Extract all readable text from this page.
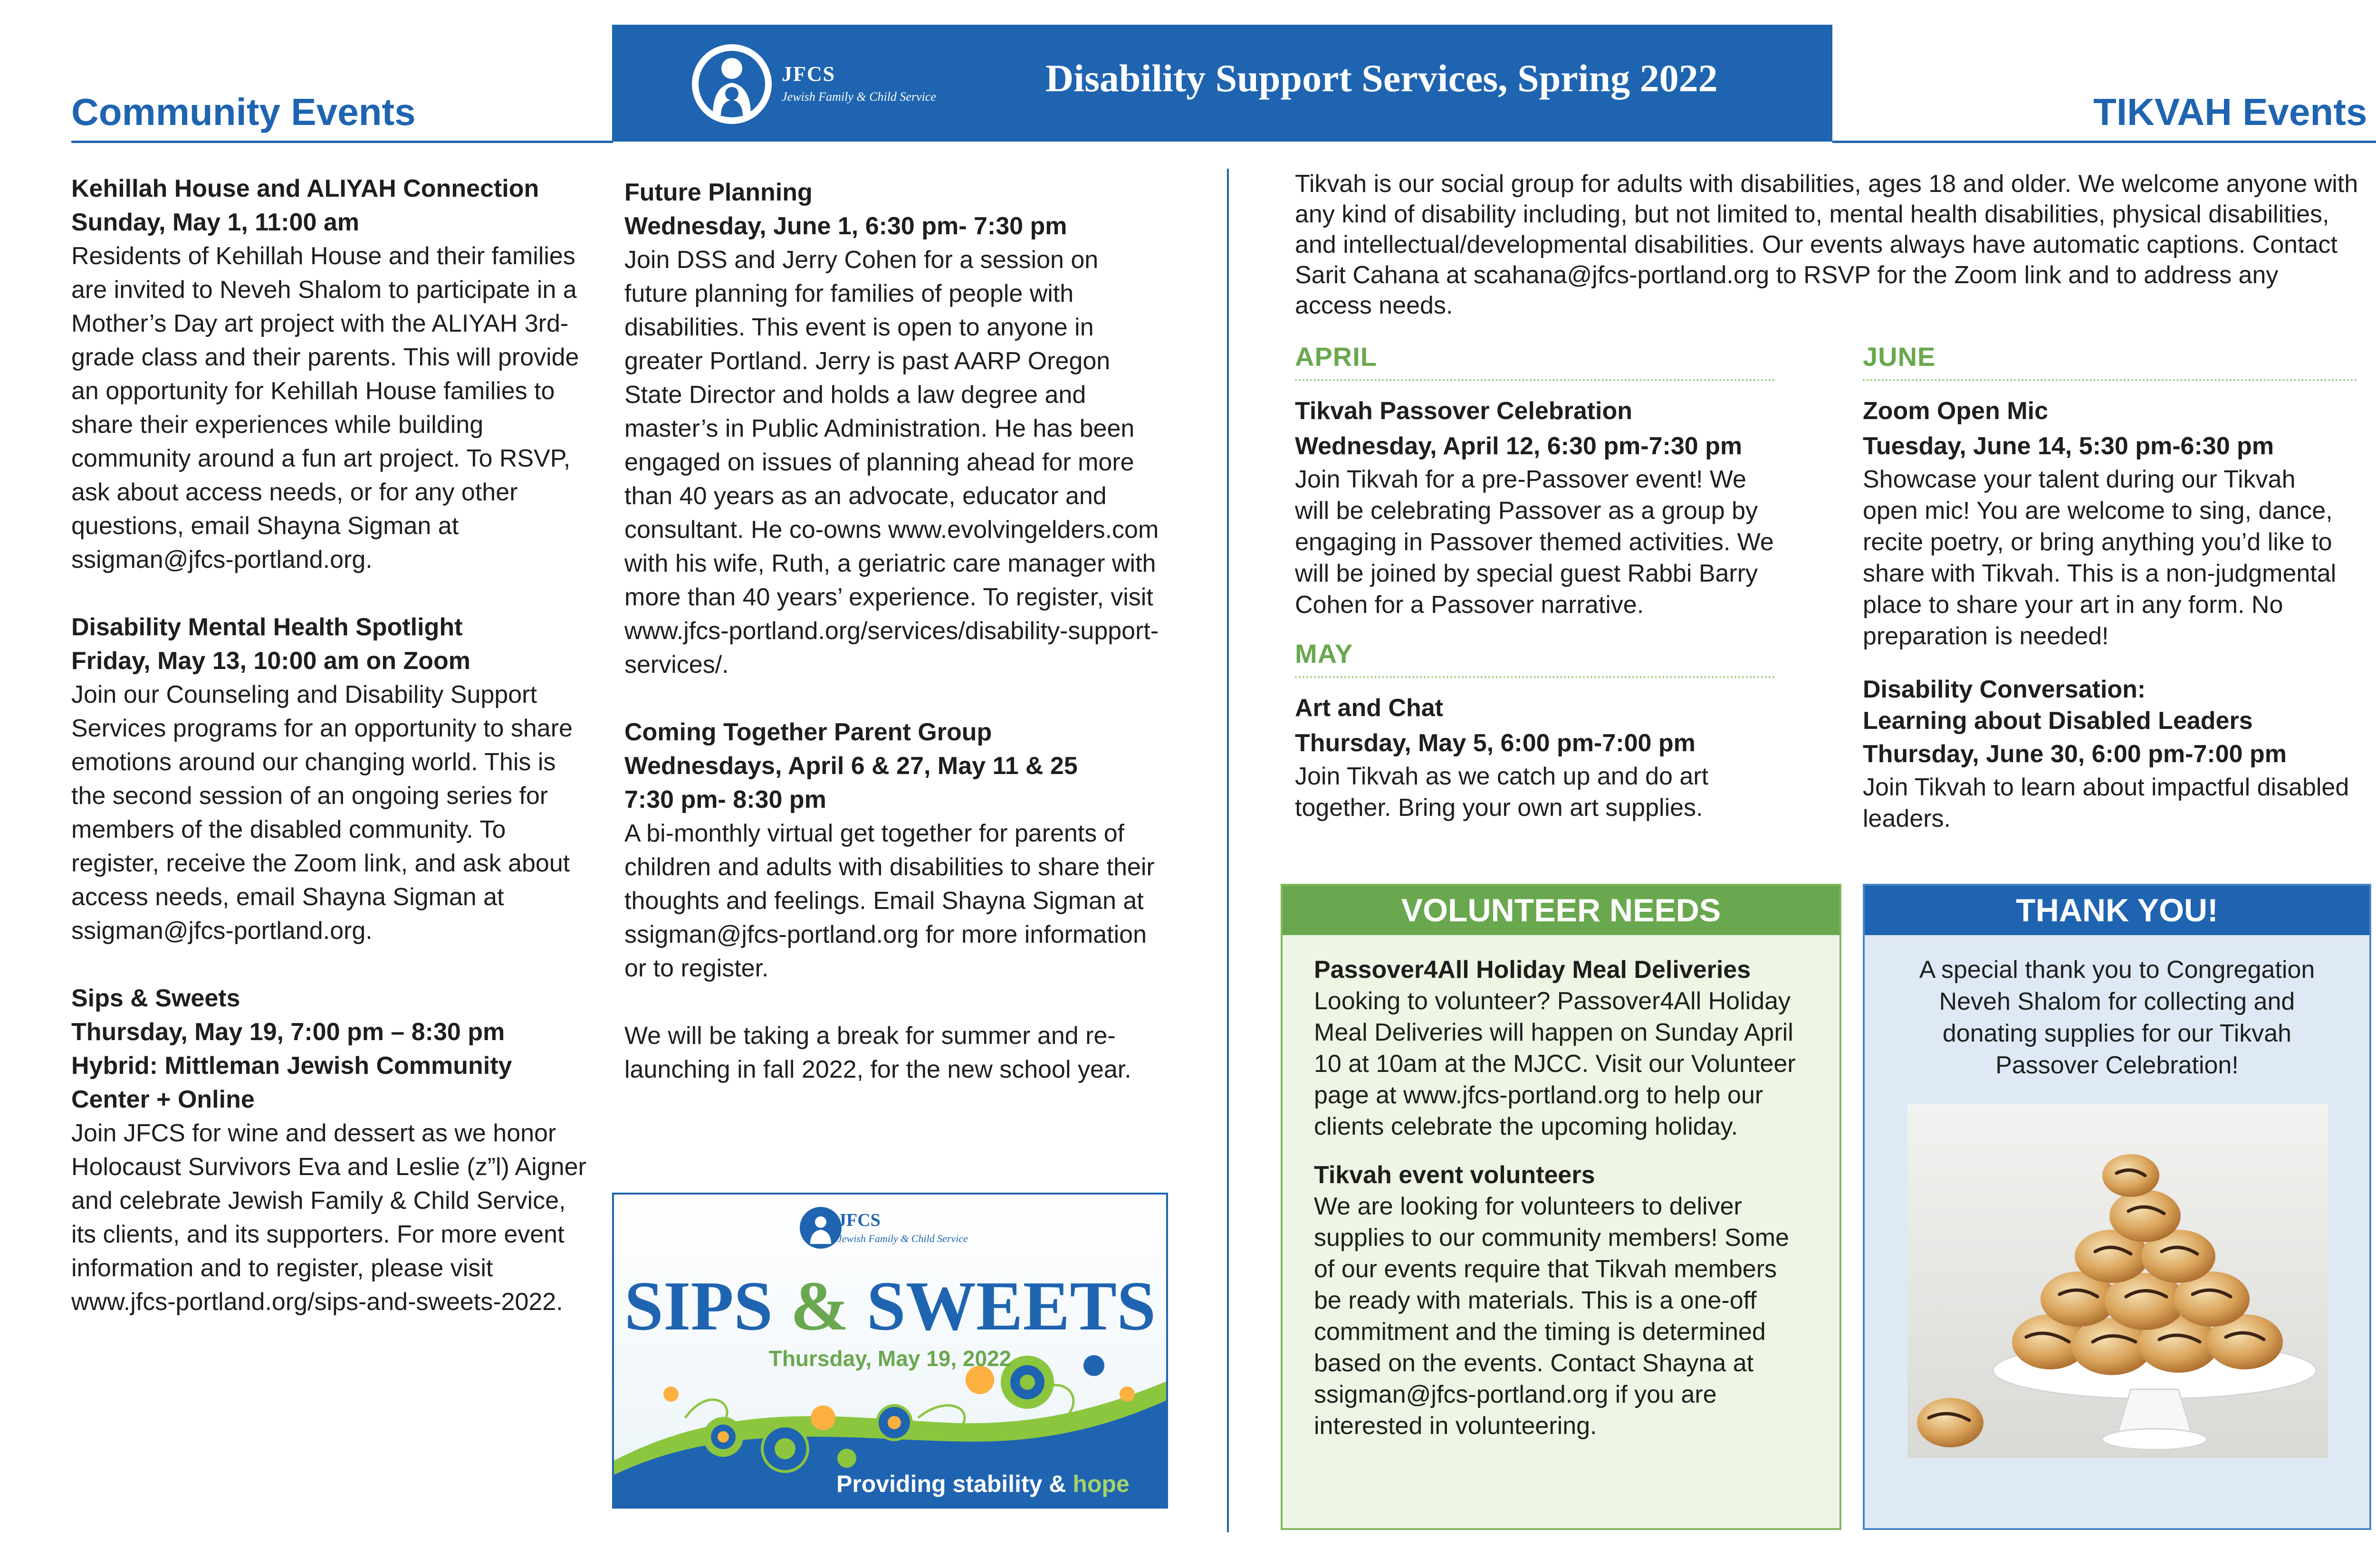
Community Events
JFCS
Jewish Family & Child Service	Disability Support Services, Spring 2022
TIKVAH Events
Kehillah House and ALIYAH Connection
Sunday, May 1, 11:00 am
Residents of Kehillah House and their families are invited to Neveh Shalom to participate in a Mother’s Day art project with the ALIYAH 3rd-grade class and their parents. This will provide an opportunity for Kehillah House families to share their experiences while building community around a fun art project. To RSVP, ask about access needs, or for any other questions, email Shayna Sigman at ssigman@jfcs-portland.org.
Disability Mental Health Spotlight
Friday, May 13, 10:00 am on Zoom
Join our Counseling and Disability Support Services programs for an opportunity to share emotions around our changing world. This is the second session of an ongoing series for members of the disabled community. To register, receive the Zoom link, and ask about access needs, email Shayna Sigman at ssigman@jfcs-portland.org.
Sips & Sweets
Thursday, May 19, 7:00 pm – 8:30 pm
Hybrid: Mittleman Jewish Community Center + Online
Join JFCS for wine and dessert as we honor Holocaust Survivors Eva and Leslie (z”l) Aigner and celebrate Jewish Family & Child Service, its clients, and its supporters. For more event information and to register, please visit www.jfcs-portland.org/sips-and-sweets-2022.
Future Planning
Wednesday, June 1, 6:30 pm- 7:30 pm
Join DSS and Jerry Cohen for a session on future planning for families of people with disabilities. This event is open to anyone in greater Portland. Jerry is past AARP Oregon State Director and holds a law degree and master’s in Public Administration. He has been engaged on issues of planning ahead for more than 40 years as an advocate, educator and consultant. He co-owns www.evolvingelders.com with his wife, Ruth, a geriatric care manager with more than 40 years’ experience. To register, visit www.jfcs-portland.org/services/disability-support-services/.
Coming Together Parent Group
Wednesdays, April 6 & 27, May 11 & 25
7:30 pm- 8:30 pm
A bi-monthly virtual get together for parents of children and adults with disabilities to share their thoughts and feelings. Email Shayna Sigman at ssigman@jfcs-portland.org for more information or to register.

We will be taking a break for summer and re-launching in fall 2022, for the new school year.

JFCS
Jewish Family & Child Service
SIPS & SWEETS
Thursday, May 19, 2022
Providing stability & hope
Tikvah is our social group for adults with disabilities, ages 18 and older. We welcome anyone with any kind of disability including, but not limited to, mental health disabilities, physical disabilities, and intellectual/developmental disabilities. Our events always have automatic captions. Contact Sarit Cahana at scahana@jfcs-portland.org to RSVP for the Zoom link and to address any access needs.
APRIL
Tikvah Passover Celebration
Wednesday, April 12, 6:30 pm-7:30 pm
Join Tikvah for a pre-Passover event! We will be celebrating Passover as a group by engaging in Passover themed activities. We will be joined by special guest Rabbi Barry Cohen for a Passover narrative.
MAY
Art and Chat
Thursday, May 5, 6:00 pm-7:00 pm
Join Tikvah as we catch up and do art together. Bring your own art supplies.
JUNE
Zoom Open Mic
Tuesday, June 14, 5:30 pm-6:30 pm
Showcase your talent during our Tikvah open mic! You are welcome to sing, dance, recite poetry, or bring anything you’d like to share with Tikvah. This is a non-judgmental place to share your art in any form. No preparation is needed!
Disability Conversation:
Learning about Disabled Leaders
Thursday, June 30, 6:00 pm-7:00 pm
Join Tikvah to learn about impactful disabled leaders.
VOLUNTEER NEEDS
Passover4All Holiday Meal Deliveries
Looking to volunteer? Passover4All Holiday Meal Deliveries will happen on Sunday April 10 at 10am at the MJCC. Visit our Volunteer page at www.jfcs-portland.org to help our clients celebrate the upcoming holiday.
Tikvah event volunteers
We are looking for volunteers to deliver supplies to our community members! Some of our events require that Tikvah members be ready with materials. This is a one-off commitment and the timing is determined based on the events. Contact Shayna at ssigman@jfcs-portland.org if you are interested in volunteering.
THANK YOU!
A special thank you to Congregation Neveh Shalom for collecting and donating supplies for our Tikvah Passover Celebration!
